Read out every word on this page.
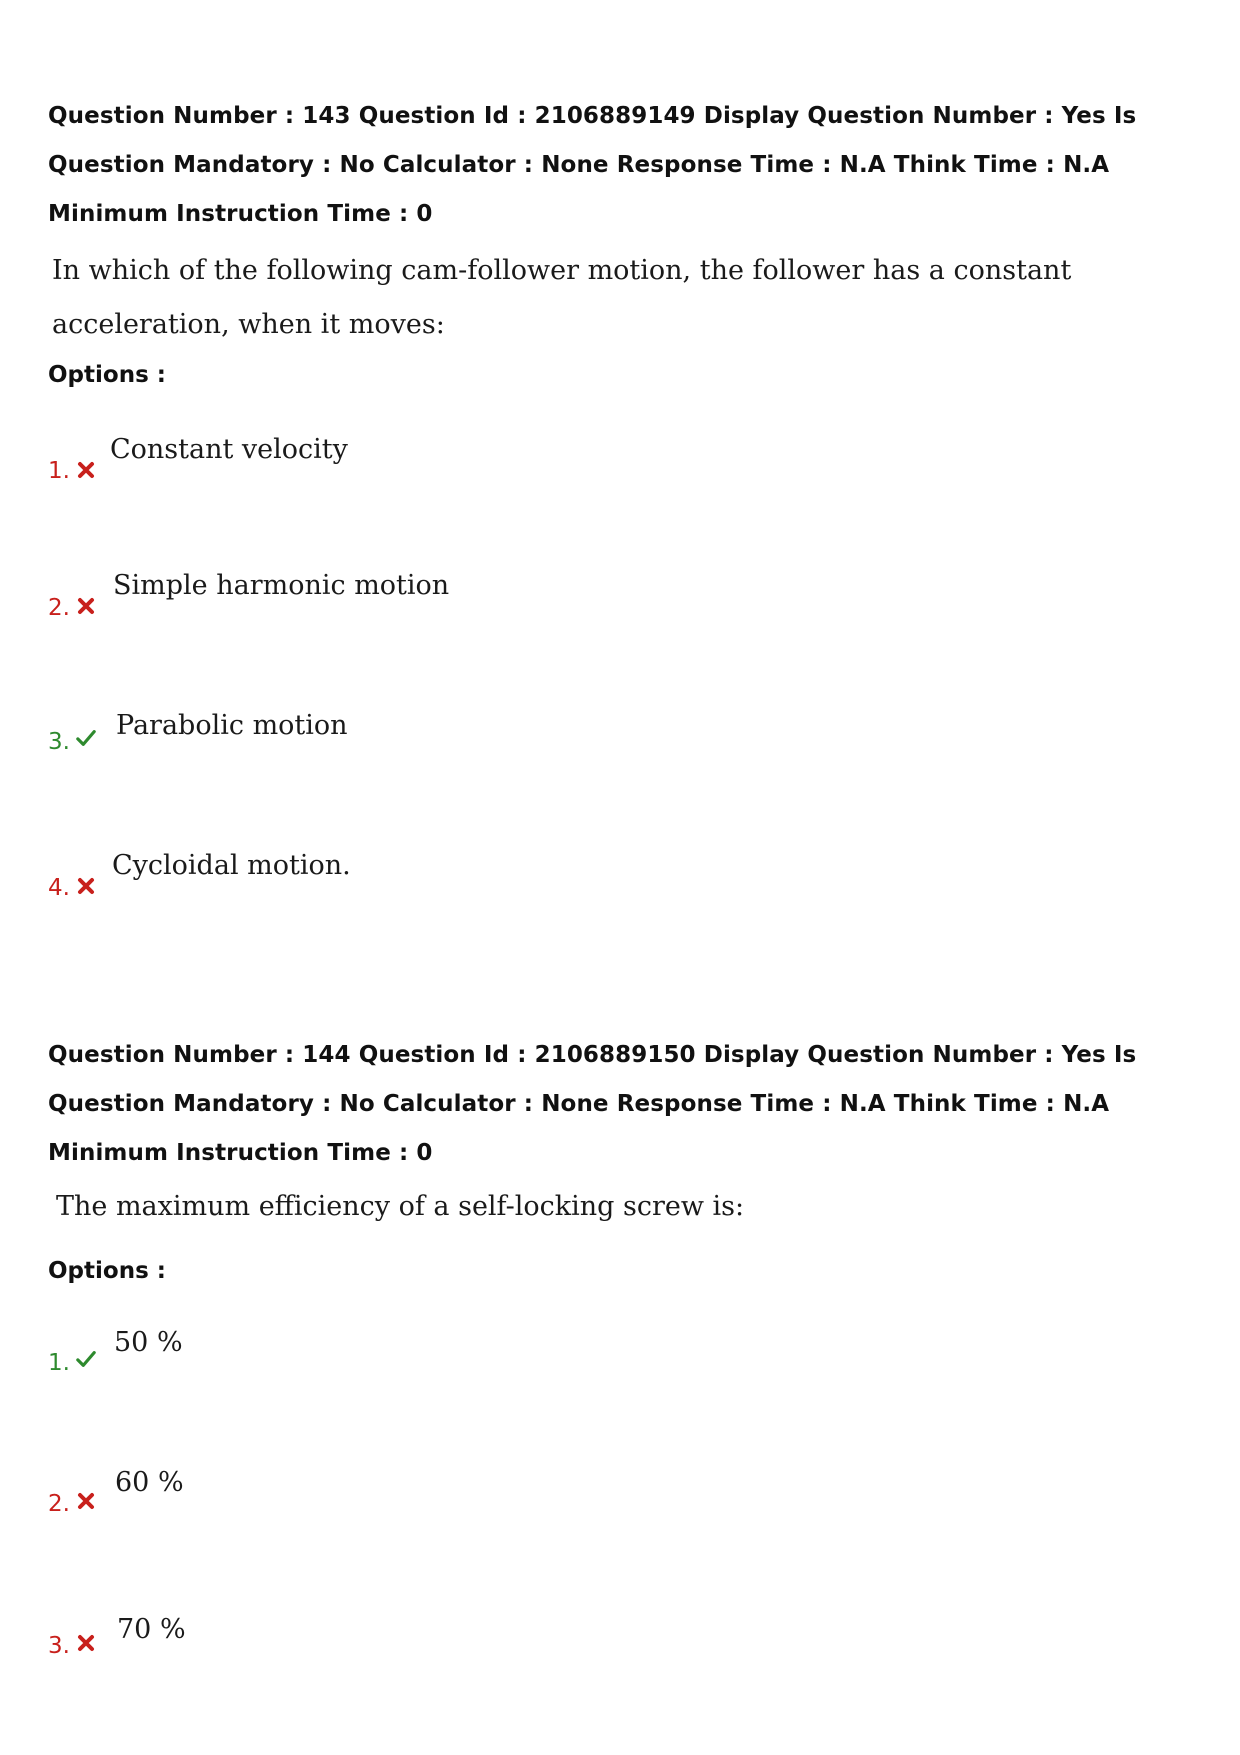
Question Number : 143 Question Id : 2106889149 Display Question Number : Yes Is Question Mandatory : No Calculator : None Response Time : N.A Think Time : N.A Minimum Instruction Time : 0
In which of the following cam-follower motion, the follower has a constant
acceleration, when it moves:
Options :
1.
Constant velocity
2.
Simple harmonic motion
3.
Parabolic motion
4.
Cycloidal motion.
Question Number : 144 Question Id : 2106889150 Display Question Number : Yes Is Question Mandatory : No Calculator : None Response Time : N.A Think Time : N.A Minimum Instruction Time : 0
The maximum efficiency of a self-locking screw is:
Options :
1.
50 %
2.
60 %
3.
70 %
